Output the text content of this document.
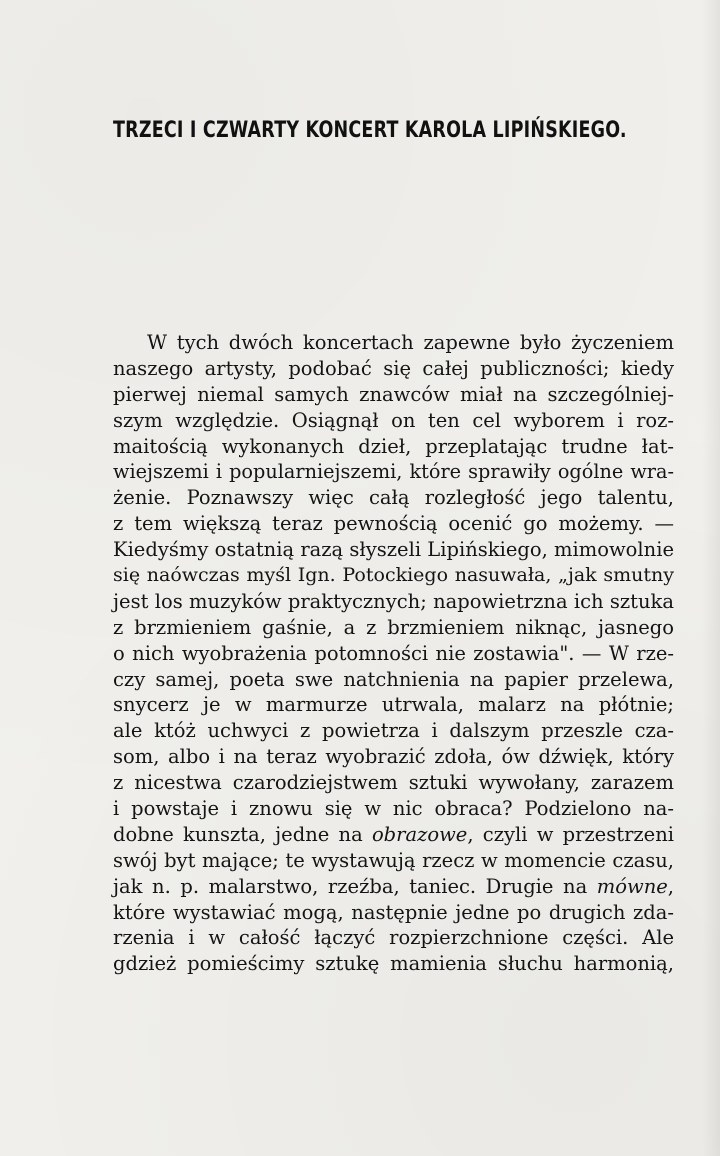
TRZECI I CZWARTY KONCERT KAROLA LIPIŃSKIEGO.
W tych dwóch koncertach zapewne było życzeniem
naszego artysty, podobać się całej publiczności; kiedy
pierwej niemal samych znawców miał na szczególniej-
szym względzie. Osiągnął on ten cel wyborem i roz-
maitością wykonanych dzieł, przeplatając trudne łat-
wiejszemi i popularniejszemi, które sprawiły ogólne wra-
żenie. Poznawszy więc całą rozległość jego talentu,
z tem większą teraz pewnością ocenić go możemy. —
Kiedyśmy ostatnią razą słyszeli Lipińskiego, mimowolnie
się naówczas myśl Ign. Potockiego nasuwała, „jak smutny
jest los muzyków praktycznych; napowietrzna ich sztuka
z brzmieniem gaśnie, a z brzmieniem niknąc, jasnego
o nich wyobrażenia potomności nie zostawia". — W rze-
czy samej, poeta swe natchnienia na papier przelewa,
snycerz je w marmurze utrwala, malarz na płótnie;
ale któż uchwyci z powietrza i dalszym przeszle cza-
som, albo i na teraz wyobrazić zdoła, ów dźwięk, który
z nicestwa czarodziejstwem sztuki wywołany, zarazem
i powstaje i znowu się w nic obraca? Podzielono na-
dobne kunszta, jedne na obrazowe, czyli w przestrzeni
swój byt mające; te wystawują rzecz w momencie czasu,
jak n. p. malarstwo, rzeźba, taniec. Drugie na mówne,
które wystawiać mogą, następnie jedne po drugich zda-
rzenia i w całość łączyć rozpierzchnione części. Ale
gdzież pomieścimy sztukę mamienia słuchu harmonią,
